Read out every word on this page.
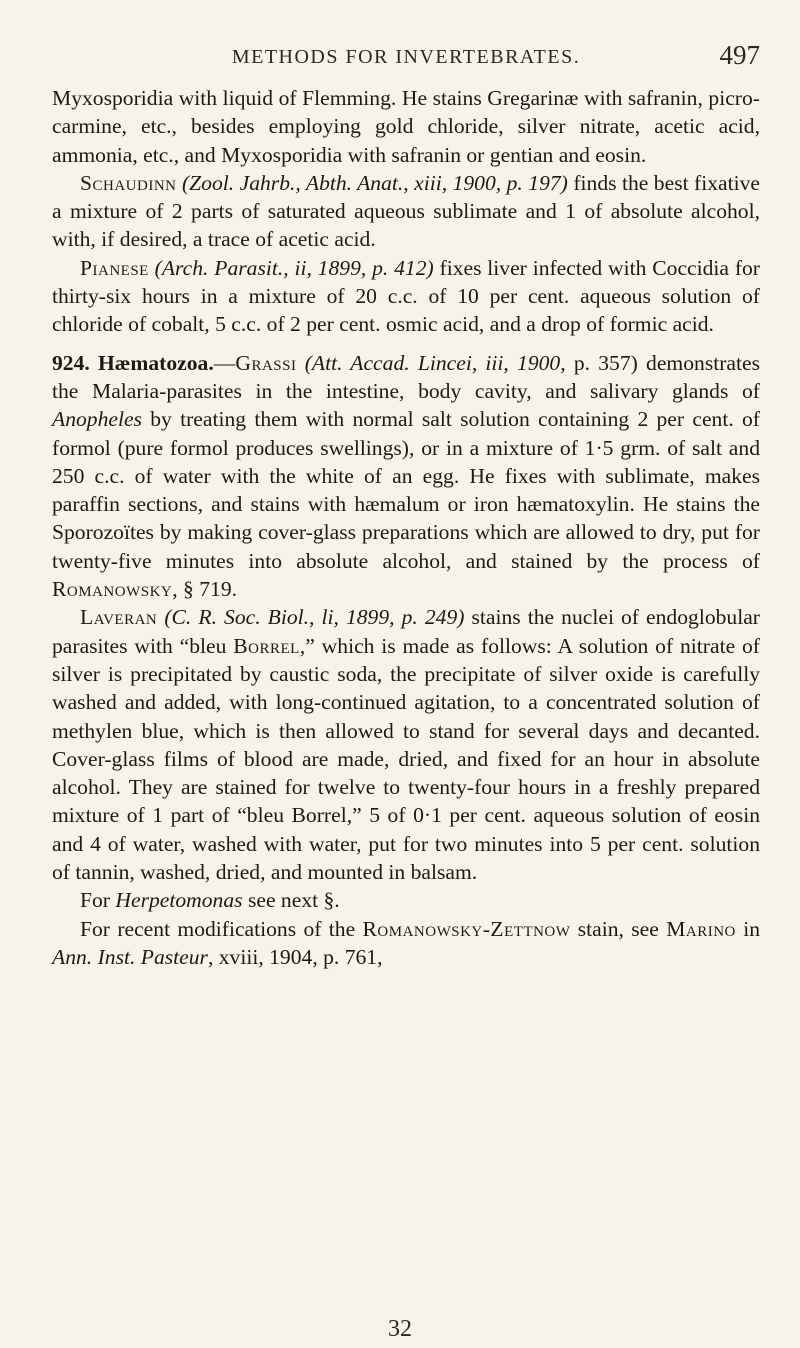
METHODS FOR INVERTEBRATES.	497

Myxosporidia with liquid of Flemming. He stains Gregarinæ with safranin, picro-carmine, etc., besides employing gold chloride, silver nitrate, acetic acid, ammonia, etc., and Myxosporidia with safranin or gentian and eosin.

Schaudinn (Zool. Jahrb., Abth. Anat., xiii, 1900, p. 197) finds the best fixative a mixture of 2 parts of saturated aqueous sublimate and 1 of absolute alcohol, with, if desired, a trace of acetic acid.

Pianese (Arch. Parasit., ii, 1899, p. 412) fixes liver infected with Coccidia for thirty-six hours in a mixture of 20 c.c. of 10 per cent. aqueous solution of chloride of cobalt, 5 c.c. of 2 per cent. osmic acid, and a drop of formic acid.

924. Hæmatozoa.—Grassi (Att. Accad. Lincei, iii, 1900, p. 357) demonstrates the Malaria-parasites in the intestine, body cavity, and salivary glands of Anopheles by treating them with normal salt solution containing 2 per cent. of formol (pure formol produces swellings), or in a mixture of 1·5 grm. of salt and 250 c.c. of water with the white of an egg. He fixes with sublimate, makes paraffin sections, and stains with hæmalum or iron hæmatoxylin. He stains the Sporozoïtes by making cover-glass preparations which are allowed to dry, put for twenty-five minutes into absolute alcohol, and stained by the process of Romanowsky, § 719.

Laveran (C. R. Soc. Biol., li, 1899, p. 249) stains the nuclei of endoglobular parasites with “bleu Borrel,” which is made as follows: A solution of nitrate of silver is precipitated by caustic soda, the precipitate of silver oxide is carefully washed and added, with long-continued agitation, to a concentrated solution of methylen blue, which is then allowed to stand for several days and decanted. Cover-glass films of blood are made, dried, and fixed for an hour in absolute alcohol. They are stained for twelve to twenty-four hours in a freshly prepared mixture of 1 part of “bleu Borrel,” 5 of 0·1 per cent. aqueous solution of eosin and 4 of water, washed with water, put for two minutes into 5 per cent. solution of tannin, washed, dried, and mounted in balsam.

For Herpetomonas see next §.

For recent modifications of the Romanowsky-Zettnow stain, see Marino in Ann. Inst. Pasteur, xviii, 1904, p. 761,

32
